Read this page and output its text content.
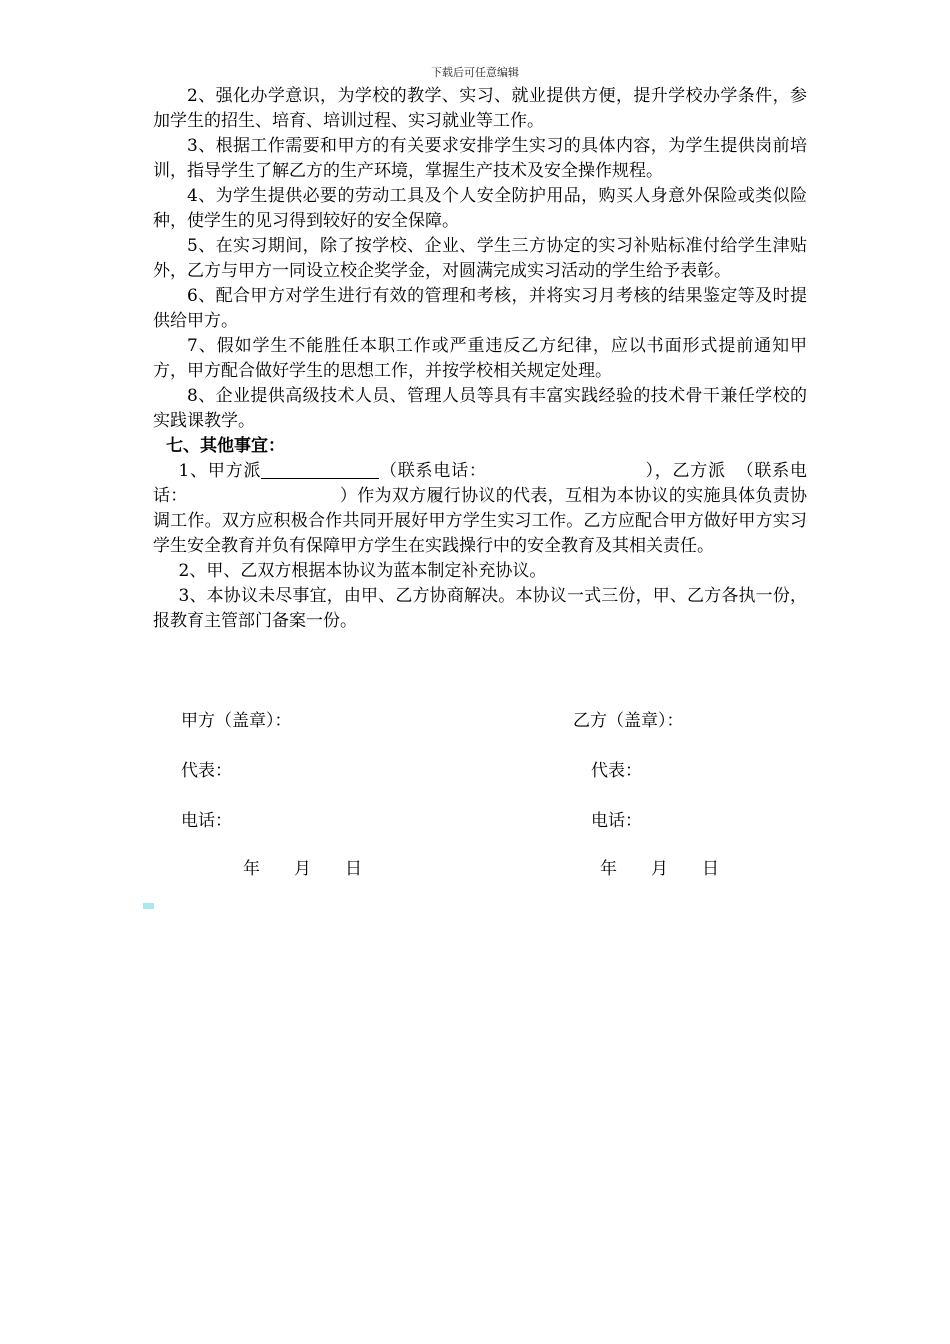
下载后可任意编辑

2、强化办学意识，为学校的教学、实习、就业提供方便，提升学校办学条件，参加学生的招生、培育、培训过程、实习就业等工作。

3、根据工作需要和甲方的有关要求安排学生实习的具体内容，为学生提供岗前培训，指导学生了解乙方的生产环境，掌握生产技术及安全操作规程。

4、为学生提供必要的劳动工具及个人安全防护用品，购买人身意外保险或类似险种，使学生的见习得到较好的安全保障。

5、在实习期间，除了按学校、企业、学生三方协定的实习补贴标准付给学生津贴外，乙方与甲方一同设立校企奖学金，对圆满完成实习活动的学生给予表彰。

6、配合甲方对学生进行有效的管理和考核，并将实习月考核的结果鉴定等及时提供给甲方。

7、假如学生不能胜任本职工作或严重违反乙方纪律，应以书面形式提前通知甲方，甲方配合做好学生的思想工作，并按学校相关规定处理。

8、企业提供高级技术人员、管理人员等具有丰富实践经验的技术骨干兼任学校的实践课教学。

七、其他事宜：

1、甲方派	（联系电话：	），乙方派 （联系电话：	）作为双方履行协议的代表，互相为本协议的实施具体负责协调工作。双方应积极合作共同开展好甲方学生实习工作。乙方应配合甲方做好甲方实习学生安全教育并负有保障甲方学生在实践操行中的安全教育及其相关责任。

2、甲、乙双方根据本协议为蓝本制定补充协议。

3、本协议未尽事宜，由甲、乙方协商解决。本协议一式三份，甲、乙方各执一份，报教育主管部门备案一份。

甲方（盖章）：	乙方（盖章）：
代表：	代表：
电话：	电话：
年　　月　　日	年　　月　　日
